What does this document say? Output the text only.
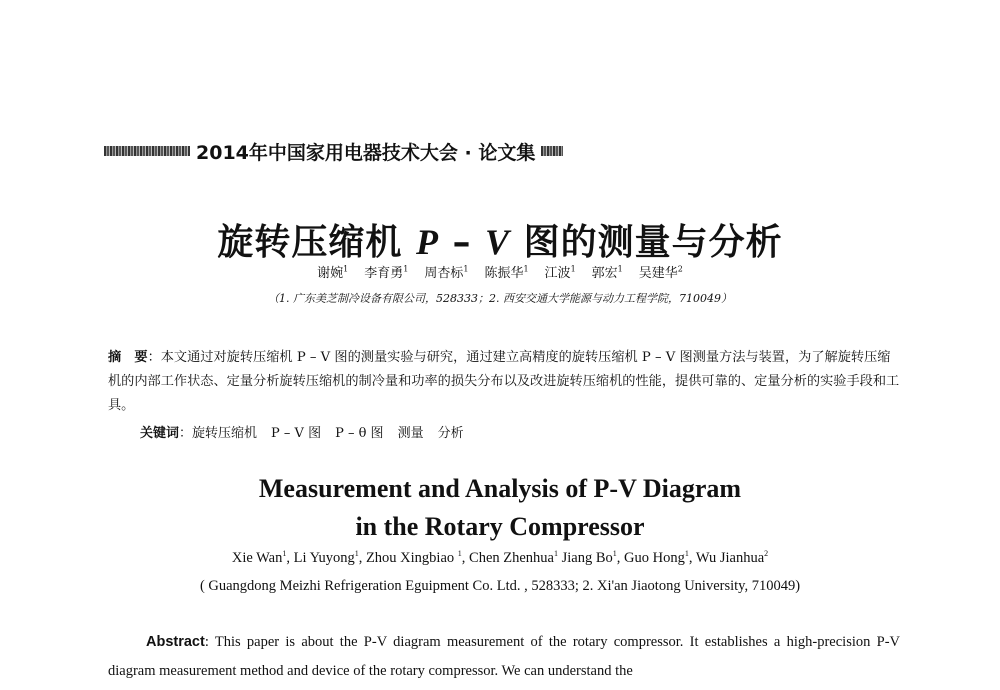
2014年中国家用电器技术大会 · 论文集
旋转压缩机 P – V 图的测量与分析
谢婉$^1$ 李育勇$^1$ 周杏标$^1$ 陈振华$^1$ 江波$^1$ 郭宏$^1$ 吴建华$^2$
（1. 广东美芝制冷设备有限公司，528333；2. 西安交通大学能源与动力工程学院，710049）
摘　要：本文通过对旋转压缩机 P – V 图的测量实验与研究，通过建立高精度的旋转压缩机 P – V 图测量方法与装置，为了解旋转压缩机的内部工作状态、定量分析旋转压缩机的制冷量和功率的损失分布以及改进旋转压缩机的性能，提供可靠的、定量分析的实验手段和工具。
关键词：旋转压缩机 P – V 图 P – θ 图 测量 分析
Measurement and Analysis of P-V Diagram
in the Rotary Compressor
Xie Wan$^1$, Li Yuyong$^1$, Zhou Xingbiao $^1$, Chen Zhenhua$^1$ Jiang Bo$^1$, Guo Hong$^1$, Wu Jianhua$^2$
( Guangdong Meizhi Refrigeration Eguipment Co. Ltd. , 528333; 2. Xi'an Jiaotong University, 710049)
Abstract: This paper is about the P-V diagram measurement of the rotary compressor. It establishes a high-precision P-V diagram measurement method and device of the rotary compressor. We can understand the
